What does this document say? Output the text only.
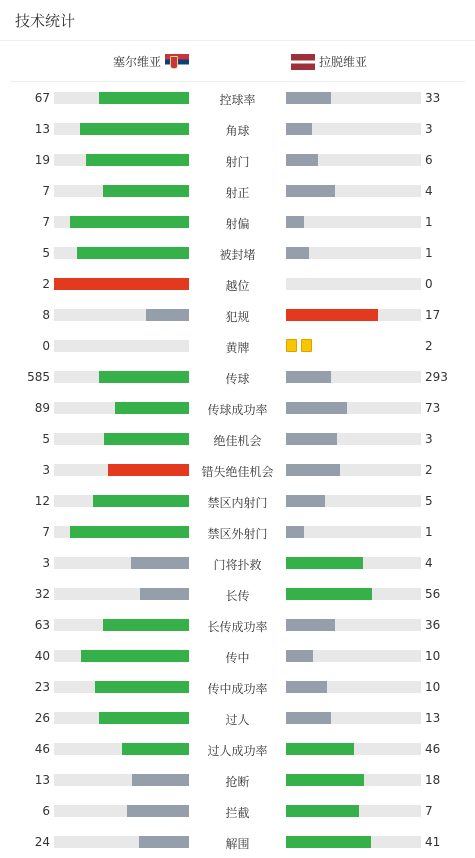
技术统计
塞尔维亚	拉脱维亚
67	控球率	33
13	角球	3
19	射门	6
7	射正	4
7	射偏	1
5	被封堵	1
2	越位	0
8	犯规	17
0	黄牌	2
585	传球	293
89	传球成功率	73
5	绝佳机会	3
3	错失绝佳机会	2
12	禁区内射门	5
7	禁区外射门	1
3	门将扑救	4
32	长传	56
63	长传成功率	36
40	传中	10
23	传中成功率	10
26	过人	13
46	过人成功率	46
13	抢断	18
6	拦截	7
24	解围	41
